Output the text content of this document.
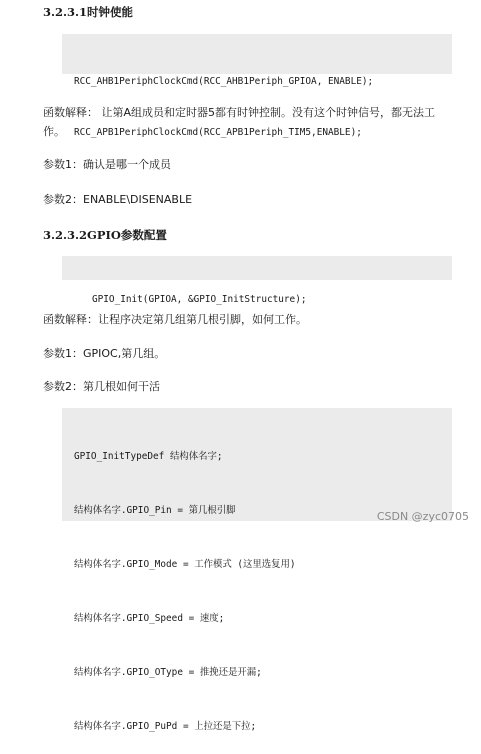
3.2.3.1时钟使能

RCC_AHB1PeriphClockCmd(RCC_AHB1Periph_GPIOA, ENABLE);

RCC_APB1PeriphClockCmd(RCC_APB1Periph_TIM5,ENABLE);

函数解释： 让第A组成员和定时器5都有时钟控制。没有这个时钟信号，都无法工作。

参数1：确认是哪一个成员

参数2：ENABLE\DISENABLE

3.2.3.2GPIO参数配置

GPIO_Init(GPIOA, &GPIO_InitStructure);

函数解释：让程序决定第几组第几根引脚，如何工作。

参数1：GPIOC,第几组。

参数2：第几根如何干活

GPIO_InitTypeDef 结构体名字;

结构体名字.GPIO_Pin = 第几根引脚

结构体名字.GPIO_Mode = 工作模式 (这里选复用)

结构体名字.GPIO_Speed = 速度;

结构体名字.GPIO_OType = 推挽还是开漏;

结构体名字.GPIO_PuPd = 上拉还是下拉;

CSDN @zyc0705
